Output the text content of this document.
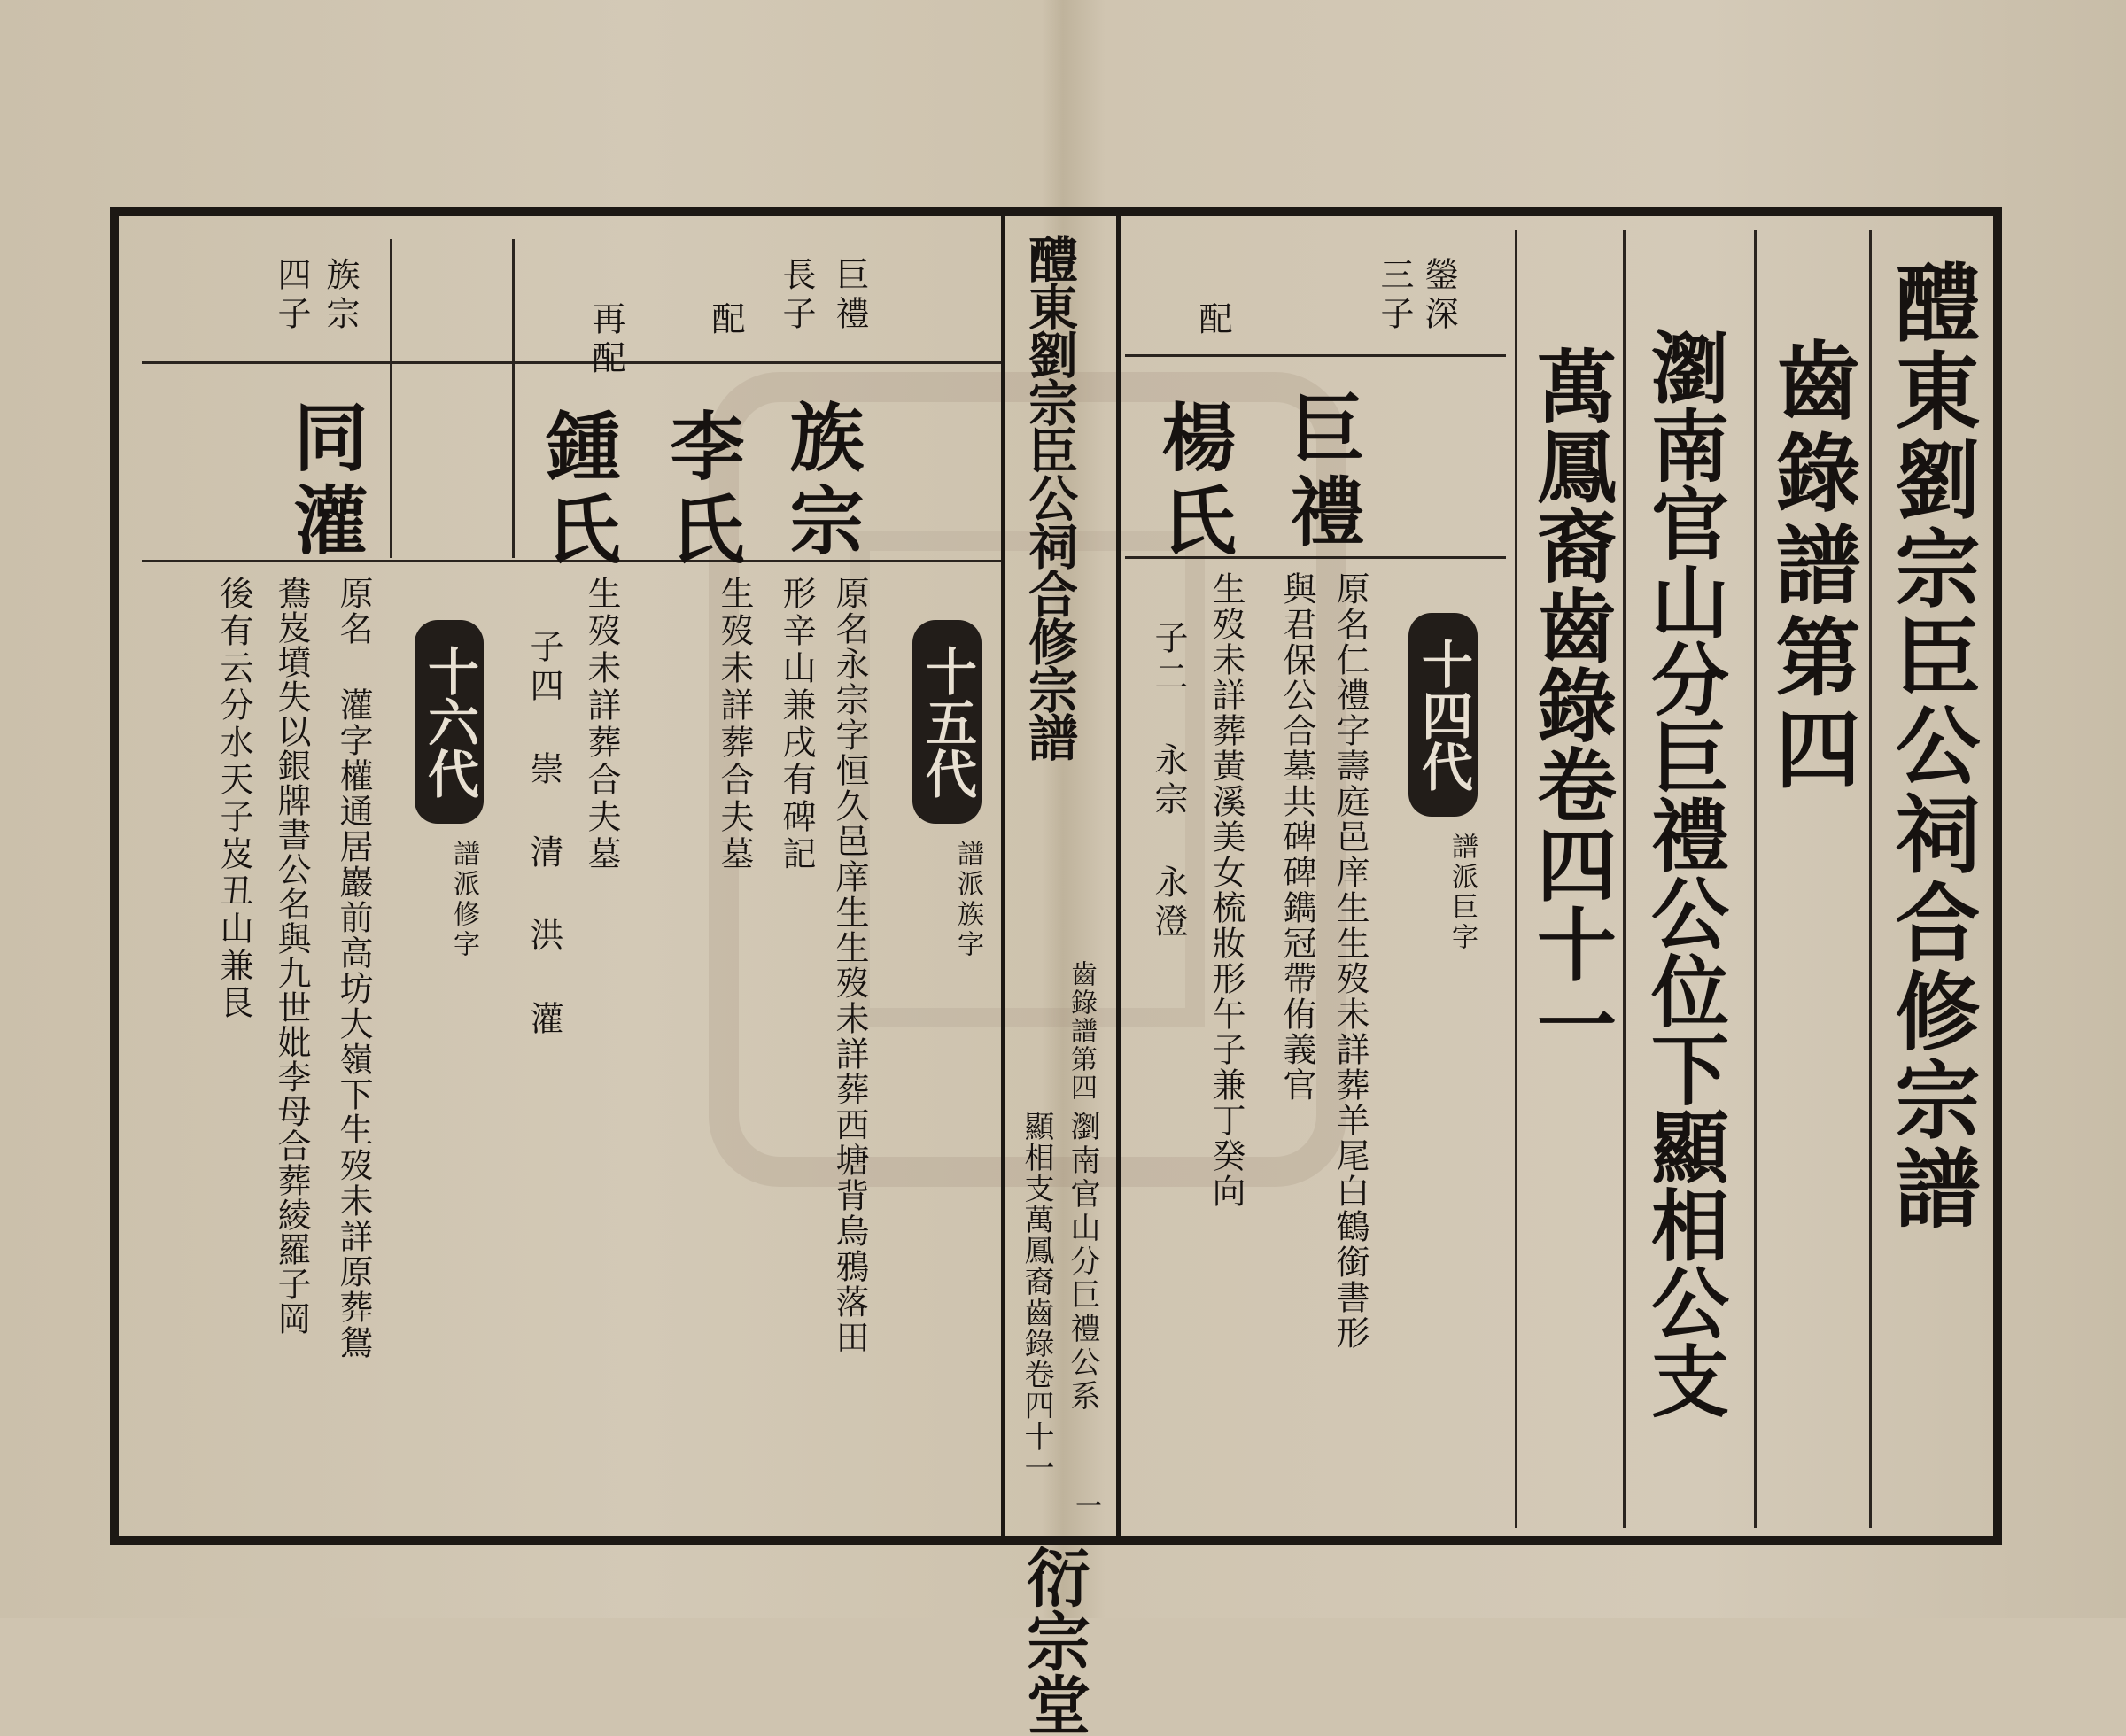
醴東劉宗臣公祠合修宗譜
齒錄譜第四
瀏南官山分巨禮公系
顯相支萬鳳裔齒錄卷四十一
一
衍宗堂
醴東劉宗臣公祠合修宗譜
齒錄譜第四
瀏南官山分巨禮公位下顯相公支
萬鳳裔齒錄卷四十一
鎣深
三子
配
巨禮
楊氏
十四代
譜派巨字
原名仁禮字壽庭邑庠生生歿未詳葬羊尾白鶴銜書形
與君保公合墓共碑碑鐫冠帶侑義官
生歿未詳葬黃溪美女梳妝形午子兼丁癸向
子二 永宗 永澄
巨禮
長子
配
再配
族宗
四子
族宗
李氏
鍾氏
同灌
十五代
譜派族字
原名永宗字恒久邑庠生生歿未詳葬西塘背烏鴉落田
形辛山兼戌有碑記
生歿未詳葬合夫墓
生歿未詳葬合夫墓
子四 崇 清 洪 灌
十六代
譜派修字
原名 灌字權通居巖前高坊大嶺下生歿未詳原葬鴛
鴦岌墳失以銀牌書公名與九世妣李母合葬綾羅子岡
後有云分水天子岌丑山兼艮
